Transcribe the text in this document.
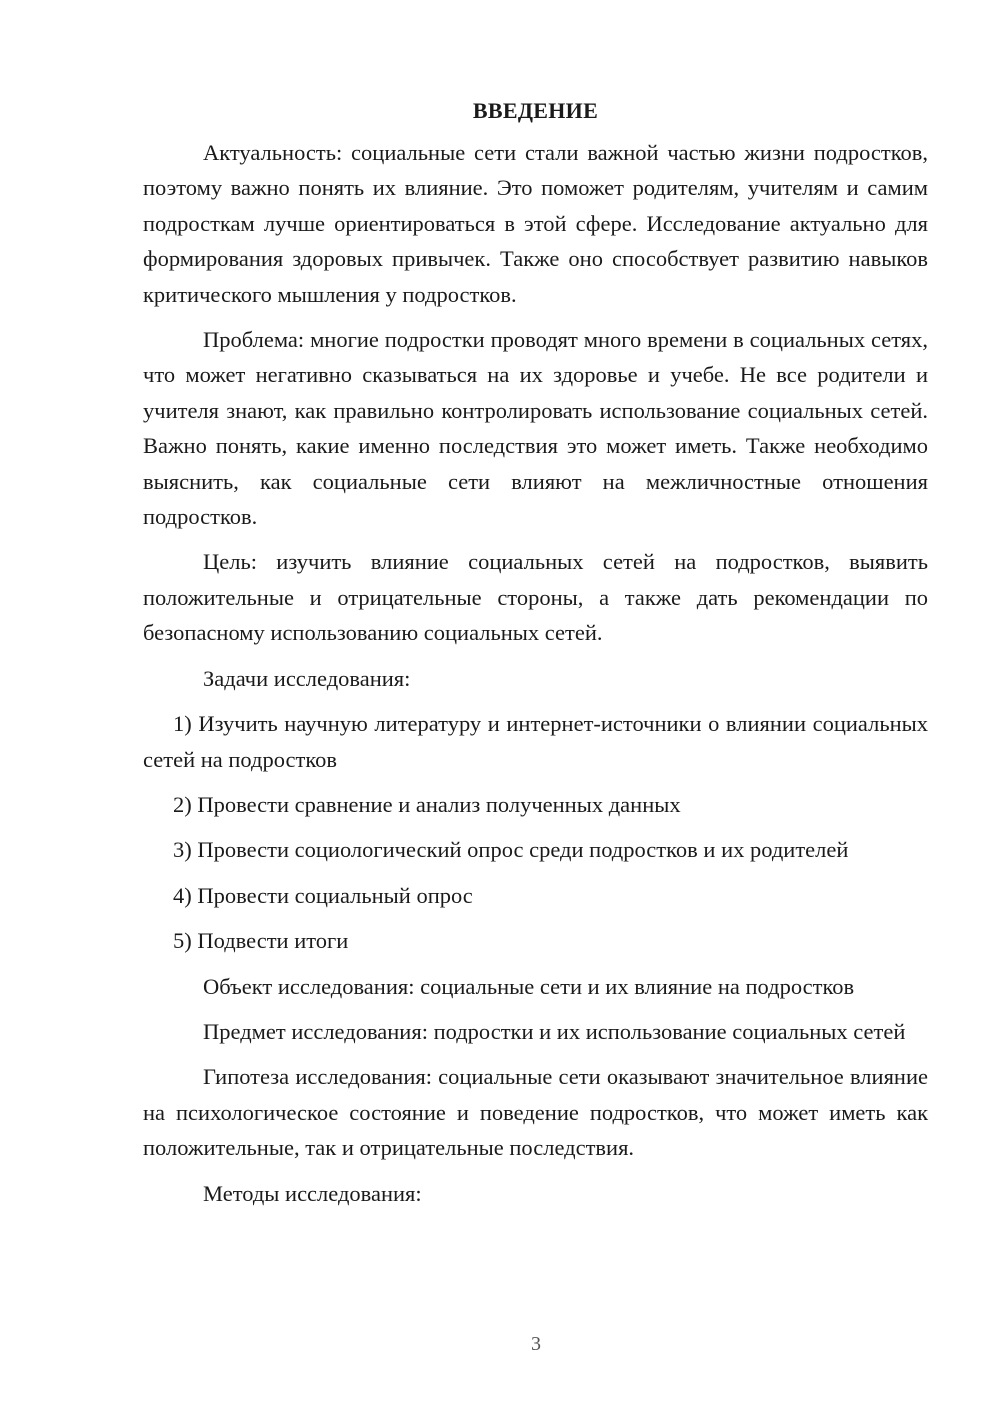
ВВЕДЕНИЕ

Актуальность: социальные сети стали важной частью жизни подростков, поэтому важно понять их влияние. Это поможет родителям, учителям и самим подросткам лучше ориентироваться в этой сфере. Исследование актуально для формирования здоровых привычек. Также оно способствует развитию навыков критического мышления у подростков.

Проблема: многие подростки проводят много времени в социальных сетях, что может негативно сказываться на их здоровье и учебе. Не все родители и учителя знают, как правильно контролировать использование социальных сетей. Важно понять, какие именно последствия это может иметь. Также необходимо выяснить, как социальные сети влияют на межличностные отношения подростков.

Цель: изучить влияние социальных сетей на подростков, выявить положительные и отрицательные стороны, а также дать рекомендации по безопасному использованию социальных сетей.

Задачи исследования:

1) Изучить научную литературу и интернет-источники о влиянии социальных сетей на подростков

2) Провести сравнение и анализ полученных данных

3) Провести социологический опрос среди подростков и их родителей

4) Провести социальный опрос

5) Подвести итоги

Объект исследования: социальные сети и их влияние на подростков

Предмет исследования: подростки и их использование социальных сетей

Гипотеза исследования: социальные сети оказывают значительное влияние на психологическое состояние и поведение подростков, что может иметь как положительные, так и отрицательные последствия.

Методы исследования:

3
